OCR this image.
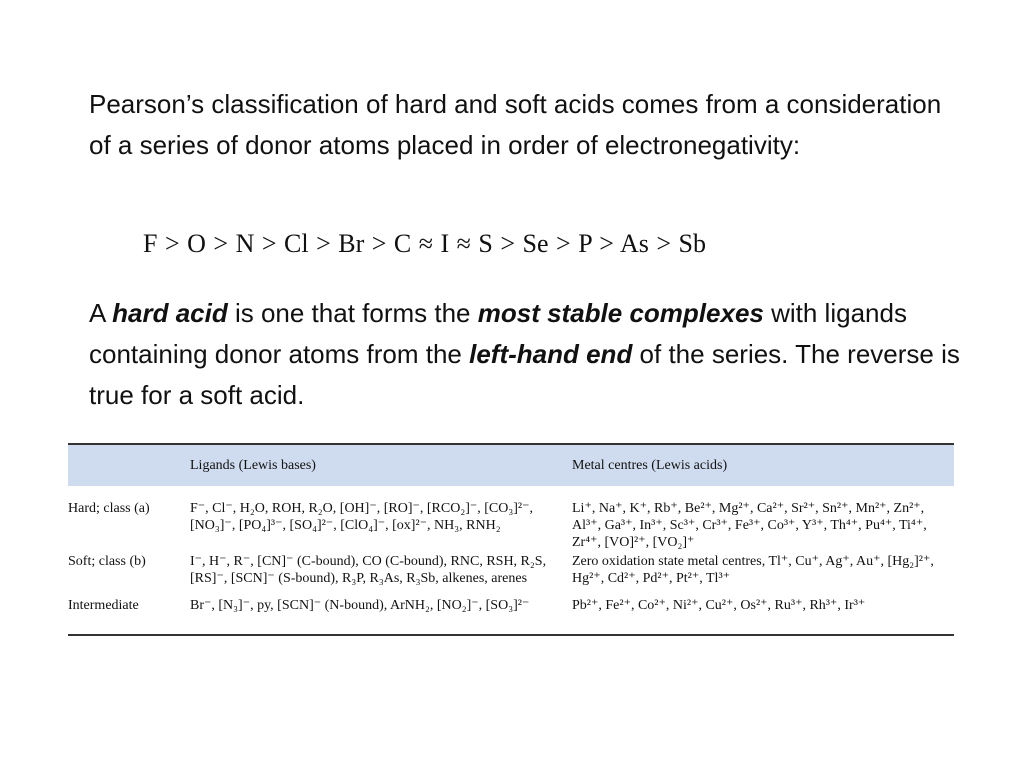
Pearson’s classification of hard and soft acids comes from a consideration of a series of donor atoms placed in order of electronegativity:

F > O > N > Cl > Br > C ≈ I ≈ S > Se > P > As > Sb

A hard acid is one that forms the most stable complexes with ligands containing donor atoms from the left-hand end of the series. The reverse is true for a soft acid.

	Ligands (Lewis bases)	Metal centres (Lewis acids)
Hard; class (a)	F⁻, Cl⁻, H₂O, ROH, R₂O, [OH]⁻, [RO]⁻, [RCO₂]⁻, [CO₃]²⁻, [NO₃]⁻, [PO₄]³⁻, [SO₄]²⁻, [ClO₄]⁻, [ox]²⁻, NH₃, RNH₂	Li⁺, Na⁺, K⁺, Rb⁺, Be²⁺, Mg²⁺, Ca²⁺, Sr²⁺, Sn²⁺, Mn²⁺, Zn²⁺, Al³⁺, Ga³⁺, In³⁺, Sc³⁺, Cr³⁺, Fe³⁺, Co³⁺, Y³⁺, Th⁴⁺, Pu⁴⁺, Ti⁴⁺, Zr⁴⁺, [VO]²⁺, [VO₂]⁺
Soft; class (b)	I⁻, H⁻, R⁻, [CN]⁻ (C-bound), CO (C-bound), RNC, RSH, R₂S, [RS]⁻, [SCN]⁻ (S-bound), R₃P, R₃As, R₃Sb, alkenes, arenes	Zero oxidation state metal centres, Tl⁺, Cu⁺, Ag⁺, Au⁺, [Hg₂]²⁺, Hg²⁺, Cd²⁺, Pd²⁺, Pt²⁺, Tl³⁺
Intermediate	Br⁻, [N₃]⁻, py, [SCN]⁻ (N-bound), ArNH₂, [NO₂]⁻, [SO₃]²⁻	Pb²⁺, Fe²⁺, Co²⁺, Ni²⁺, Cu²⁺, Os²⁺, Ru³⁺, Rh³⁺, Ir³⁺
